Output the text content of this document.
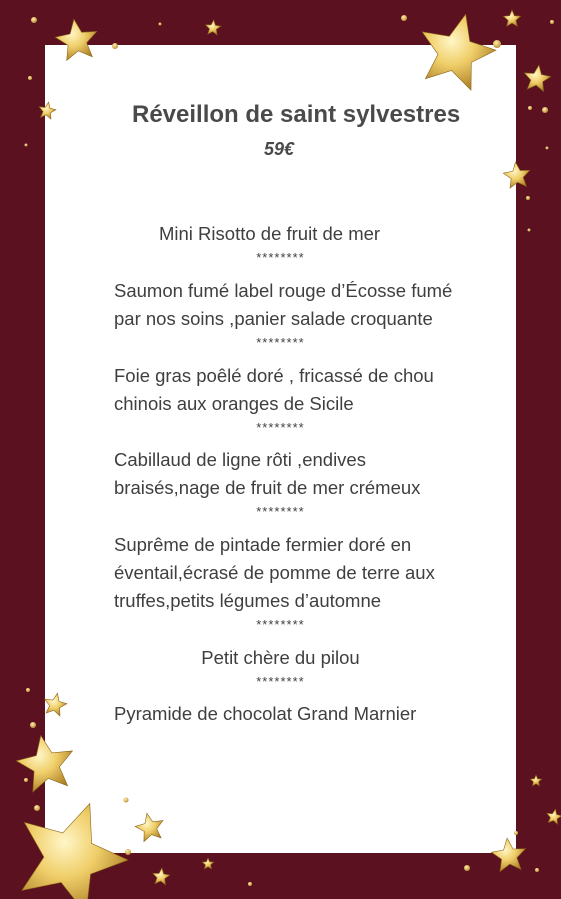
Réveillon de saint sylvestres
59€
Mini Risotto de fruit de mer
********
Saumon fumé label rouge d’Écosse fumé
par nos soins ,panier salade croquante
********
Foie gras poêlé doré , fricassé de chou
chinois aux oranges de Sicile
********
Cabillaud de ligne rôti ,endives
braisés,nage de fruit de mer crémeux
********
Suprême de pintade fermier doré en
éventail,écrasé de pomme de terre aux
truffes,petits légumes d’automne
********
Petit chère du pilou
********
Pyramide de chocolat Grand Marnier
